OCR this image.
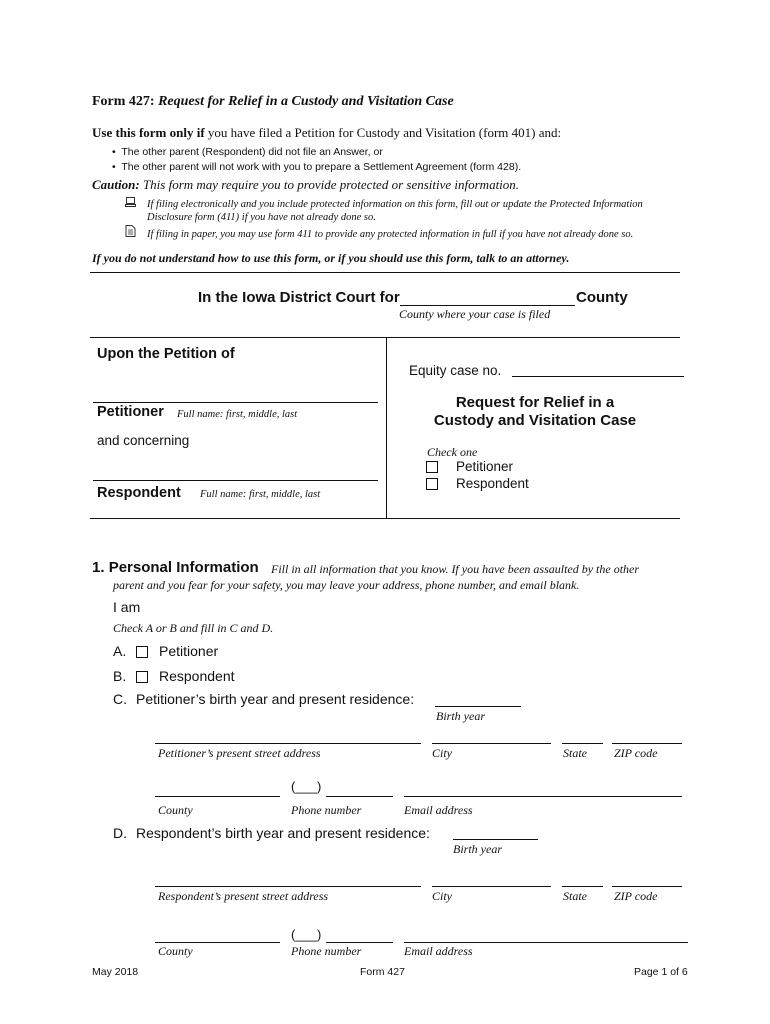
Form 427: Request for Relief in a Custody and Visitation Case
Use this form only if you have filed a Petition for Custody and Visitation (form 401) and:
•  The other parent (Respondent) did not file an Answer, or
•  The other parent will not work with you to prepare a Settlement Agreement (form 428).
Caution: This form may require you to provide protected or sensitive information.
If filing electronically and you include protected information on this form, fill out or update the Protected Information
Disclosure form (411) if you have not already done so.
If filing in paper, you may use form 411 to provide any protected information in full if you have not already done so.
If you do not understand how to use this form, or if you should use this form, talk to an attorney.
In the Iowa District Court for	County
County where your case is filed
Upon the Petition of
Petitioner Full name: first, middle, last
and concerning
Respondent Full name: first, middle, last
Equity case no.
Request for Relief in a
Custody and Visitation Case
Check one
Petitioner
Respondent
1. Personal Information Fill in all information that you know. If you have been assaulted by the other
parent and you fear for your safety, you may leave your address, phone number, and email blank.
I am
Check A or B and fill in C and D.
A. Petitioner
B. Respondent
C. Petitioner’s birth year and present residence:
Birth year
Petitioner’s present street address	City	State ZIP code
(___)
County	Phone number	Email address
D. Respondent’s birth year and present residence:
Birth year
Respondent’s present street address	City	State ZIP code
(___)
County	Phone number	Email address
May 2018	Form 427	Page 1 of 6
